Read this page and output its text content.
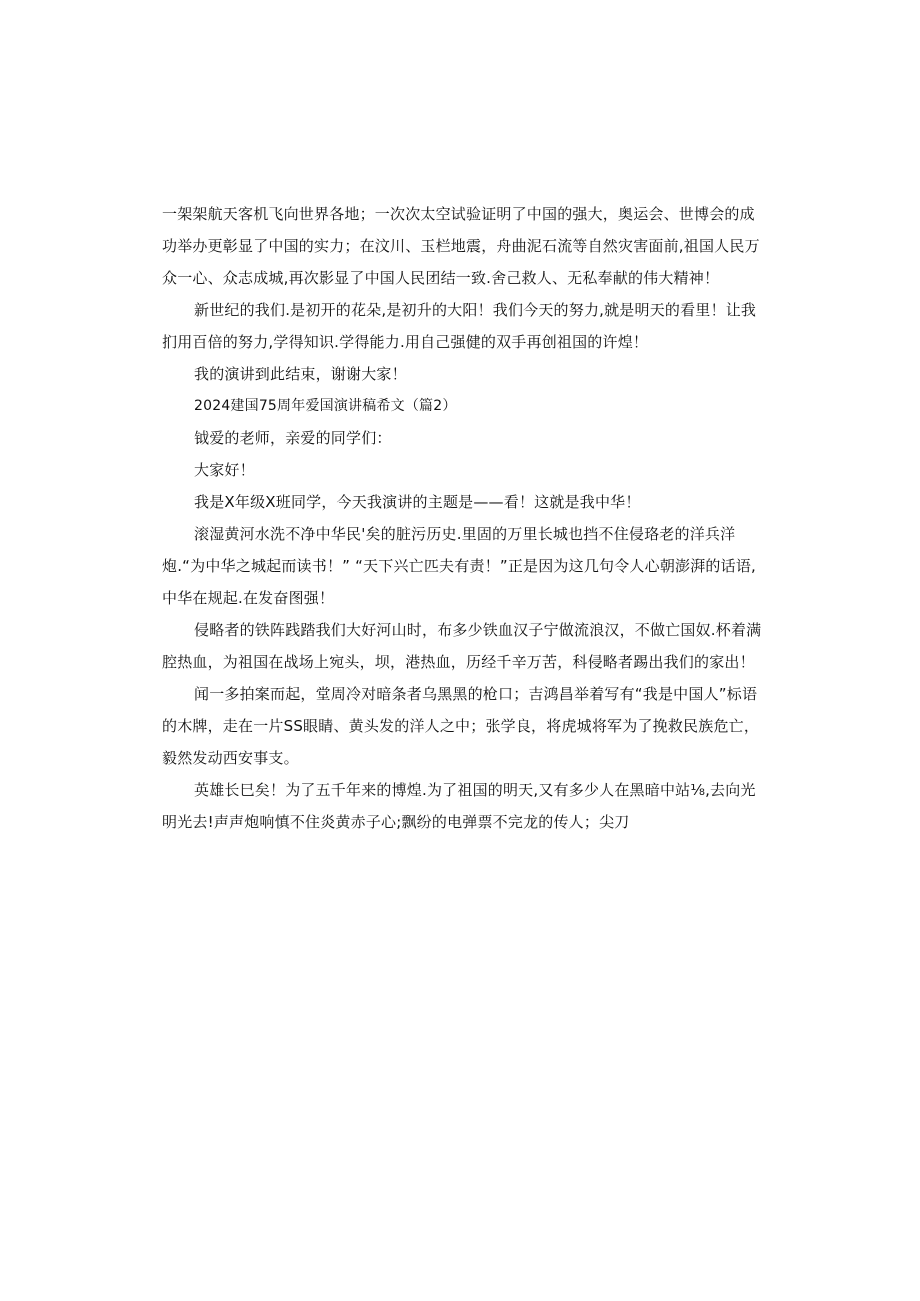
一架架航天客机飞向世界各地；一次次太空试验证明了中国的强大，奥运会、世博会的成功举办更彰显了中国的实力；在汶川、玉栏地震，舟曲泥石流等自然灾害面前,祖国人民万众一心、众志成城,再次影显了中国人民团结一致.舍己救人、无私奉献的伟大精神！

新世纪的我们.是初开的花朵,是初升的大阳！我们今天的努力,就是明天的看里！让我扪用百倍的努力,学得知识.学得能力.用自己强健的双手再创祖国的许煌！

我的演讲到此结束，谢谢大家！

2024建国75周年爱国演讲稿希文（篇2）

钺爱的老师，亲爱的同学们：

大家好！

我是X年级X班同学，今天我演讲的主题是——看！这就是我中华！

滚湿黄河水洗不净中华民'矣的脏污历史.里固的万里长城也挡不住侵珞老的洋兵洋炮.“为中华之城起而读书！” “天下兴亡匹夫有责！”正是因为这几句令人心朝澎湃的话语,中华在规起.在发奋图强！

侵略者的铁阵践踏我们大好河山时，布多少铁血汉子宁做流浪汉，不做亡国奴.杯着满腔热血，为祖国在战场上宛头，坝，港热血，历经千辛万苦，科侵略者踢出我们的家出！

闻一多拍案而起，堂周冷对暗条者乌黑黑的枪口；吉鸿昌举着写有“我是中国人”标语的木牌，走在一片SS眼睛、黄头发的洋人之中；张学良，将虎城将军为了挽救民族危亡，毅然发动西安事支。

英雄长巳矣！为了五千年来的博煌.为了祖国的明天,又有多少人在黑暗中站⅛,去向光明光去!声声炮响慎不住炎黄赤子心;飘纷的电弹票不完龙的传人；尖刀
